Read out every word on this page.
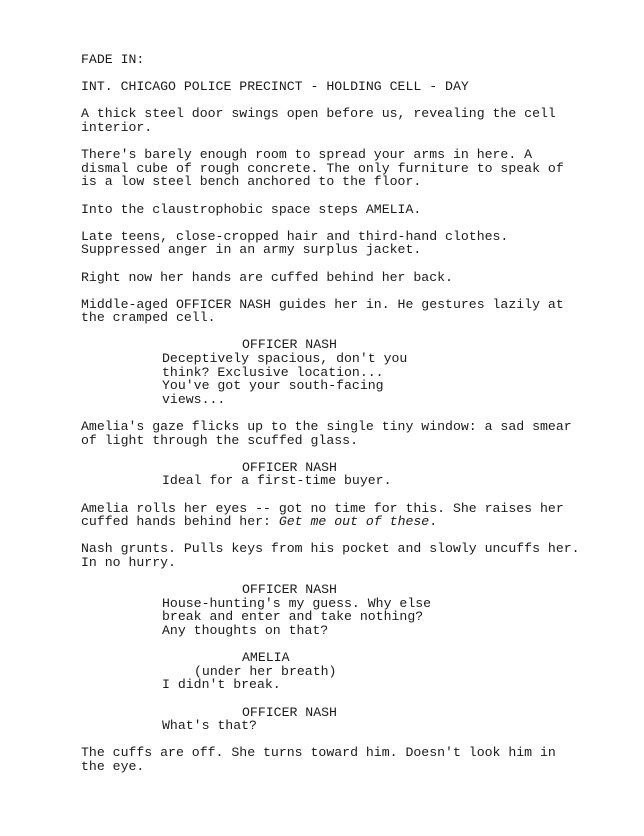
FADE IN:
INT. CHICAGO POLICE PRECINCT - HOLDING CELL - DAY
A thick steel door swings open before us, revealing the cell
interior.
There's barely enough room to spread your arms in here. A
dismal cube of rough concrete. The only furniture to speak of
is a low steel bench anchored to the floor.
Into the claustrophobic space steps AMELIA.
Late teens, close-cropped hair and third-hand clothes.
Suppressed anger in an army surplus jacket.
Right now her hands are cuffed behind her back.
Middle-aged OFFICER NASH guides her in. He gestures lazily at
the cramped cell.
OFFICER NASH
Deceptively spacious, don't you
think? Exclusive location...
You've got your south-facing
views...
Amelia's gaze flicks up to the single tiny window: a sad smear
of light through the scuffed glass.
OFFICER NASH
Ideal for a first-time buyer.
Amelia rolls her eyes -- got no time for this. She raises her
cuffed hands behind her: Get me out of these.
Nash grunts. Pulls keys from his pocket and slowly uncuffs her.
In no hurry.
OFFICER NASH
House-hunting's my guess. Why else
break and enter and take nothing?
Any thoughts on that?
AMELIA
(under her breath)
I didn't break.
OFFICER NASH
What's that?
The cuffs are off. She turns toward him. Doesn't look him in
the eye.
